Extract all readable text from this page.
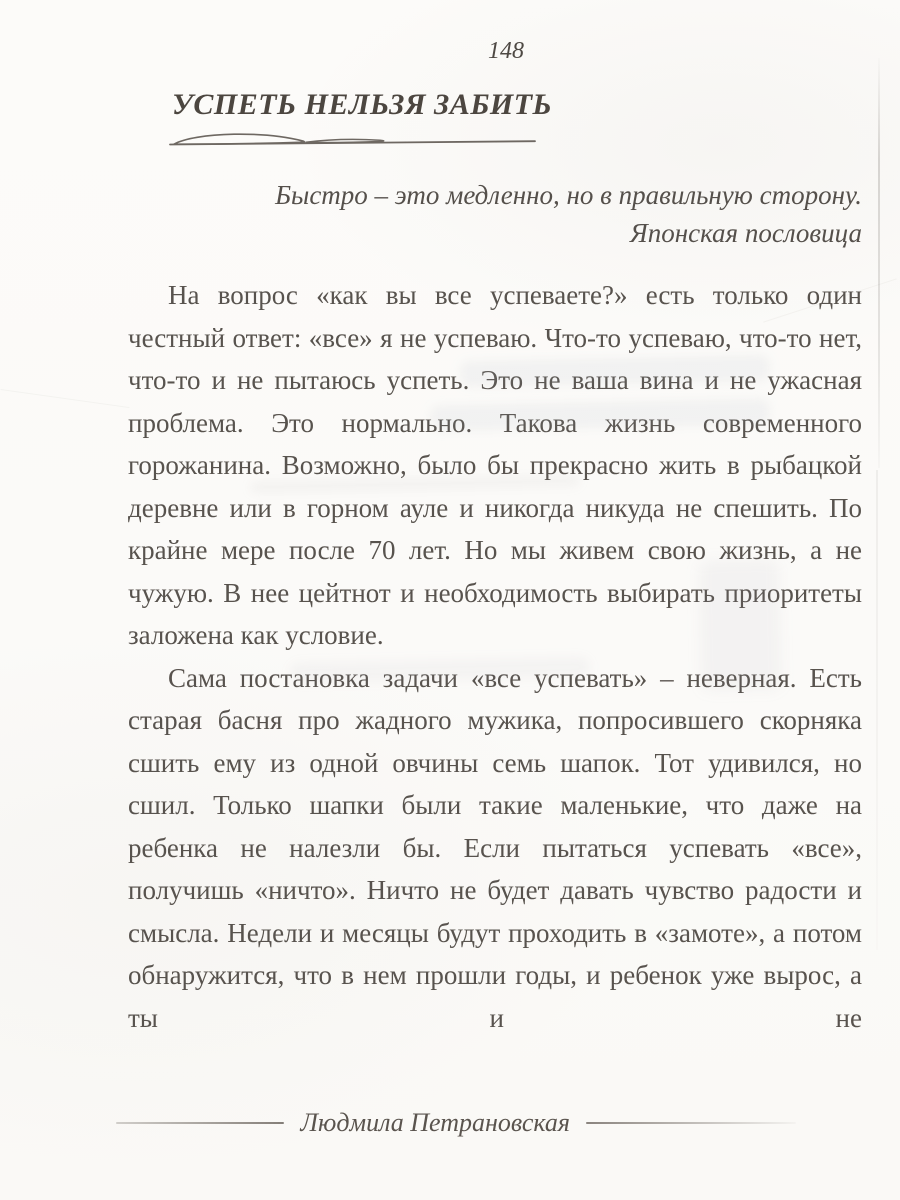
148
УСПЕТЬ НЕЛЬЗЯ ЗАБИТЬ
Быстро – это медленно, но в правильную сторону.
Японская пословица

На вопрос «как вы все успеваете?» есть только один честный ответ: «все» я не успеваю. Что-то успеваю, что-то нет, что-то и не пытаюсь успеть. Это не ваша вина и не ужасная проблема. Это нормально. Такова жизнь современного горожанина. Возможно, было бы прекрасно жить в рыбацкой деревне или в горном ауле и никогда никуда не спешить. По крайне мере после 70 лет. Но мы живем свою жизнь, а не чужую. В нее цейтнот и необходимость выбирать приоритеты заложена как условие.

Сама постановка задачи «все успевать» – неверная. Есть старая басня про жадного мужика, попросившего скорняка сшить ему из одной овчины семь шапок. Тот удивился, но сшил. Только шапки были такие маленькие, что даже на ребенка не налезли бы. Если пытаться успевать «все», получишь «ничто». Ничто не будет давать чувство радости и смысла. Недели и месяцы будут проходить в «замоте», а потом обнаружится, что в нем прошли годы, и ребенок уже вырос, а ты и не

Людмила Петрановская
